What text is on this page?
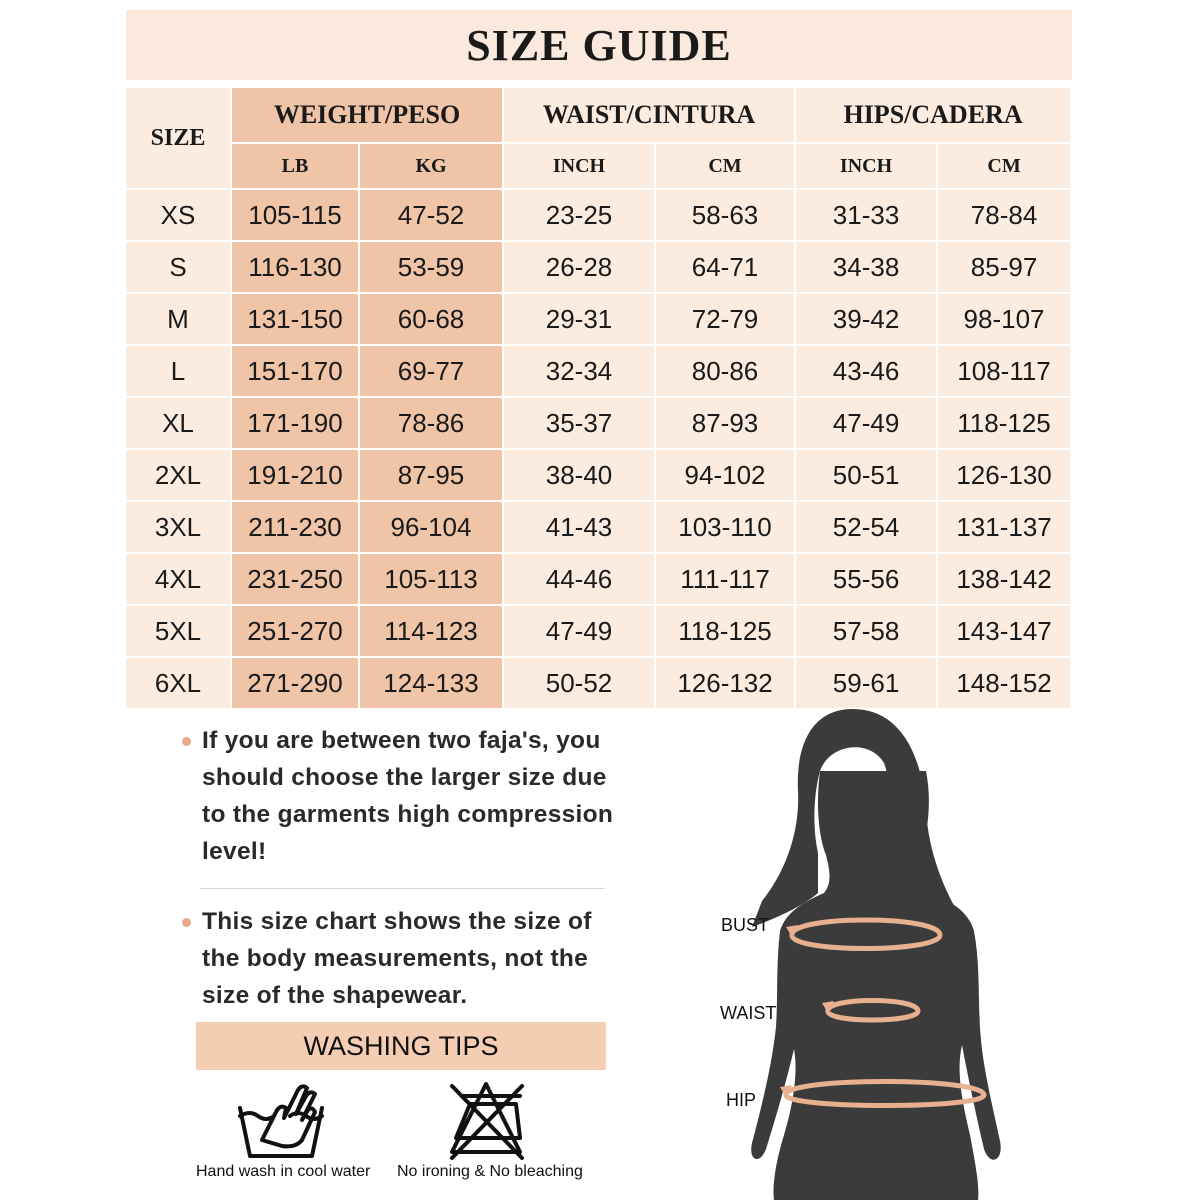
SIZE GUIDE
SIZE	WEIGHT/PESO		WAIST/CINTURA		HIPS/CADERA	
	LB	KG	INCH	CM	INCH	CM
XS	105-115	47-52	23-25	58-63	31-33	78-84
S	116-130	53-59	26-28	64-71	34-38	85-97
M	131-150	60-68	29-31	72-79	39-42	98-107
L	151-170	69-77	32-34	80-86	43-46	108-117
XL	171-190	78-86	35-37	87-93	47-49	118-125
2XL	191-210	87-95	38-40	94-102	50-51	126-130
3XL	211-230	96-104	41-43	103-110	52-54	131-137
4XL	231-250	105-113	44-46	111-117	55-56	138-142
5XL	251-270	114-123	47-49	118-125	57-58	143-147
6XL	271-290	124-133	50-52	126-132	59-61	148-152
If you are between two faja's, you
should choose the larger size due
to the garments high compression
level!
This size chart shows the size of
the body measurements, not the
size of the shapewear.
WASHING TIPS
Hand wash in cool water No ironing & No bleaching
BUST
WAIST
HIP
